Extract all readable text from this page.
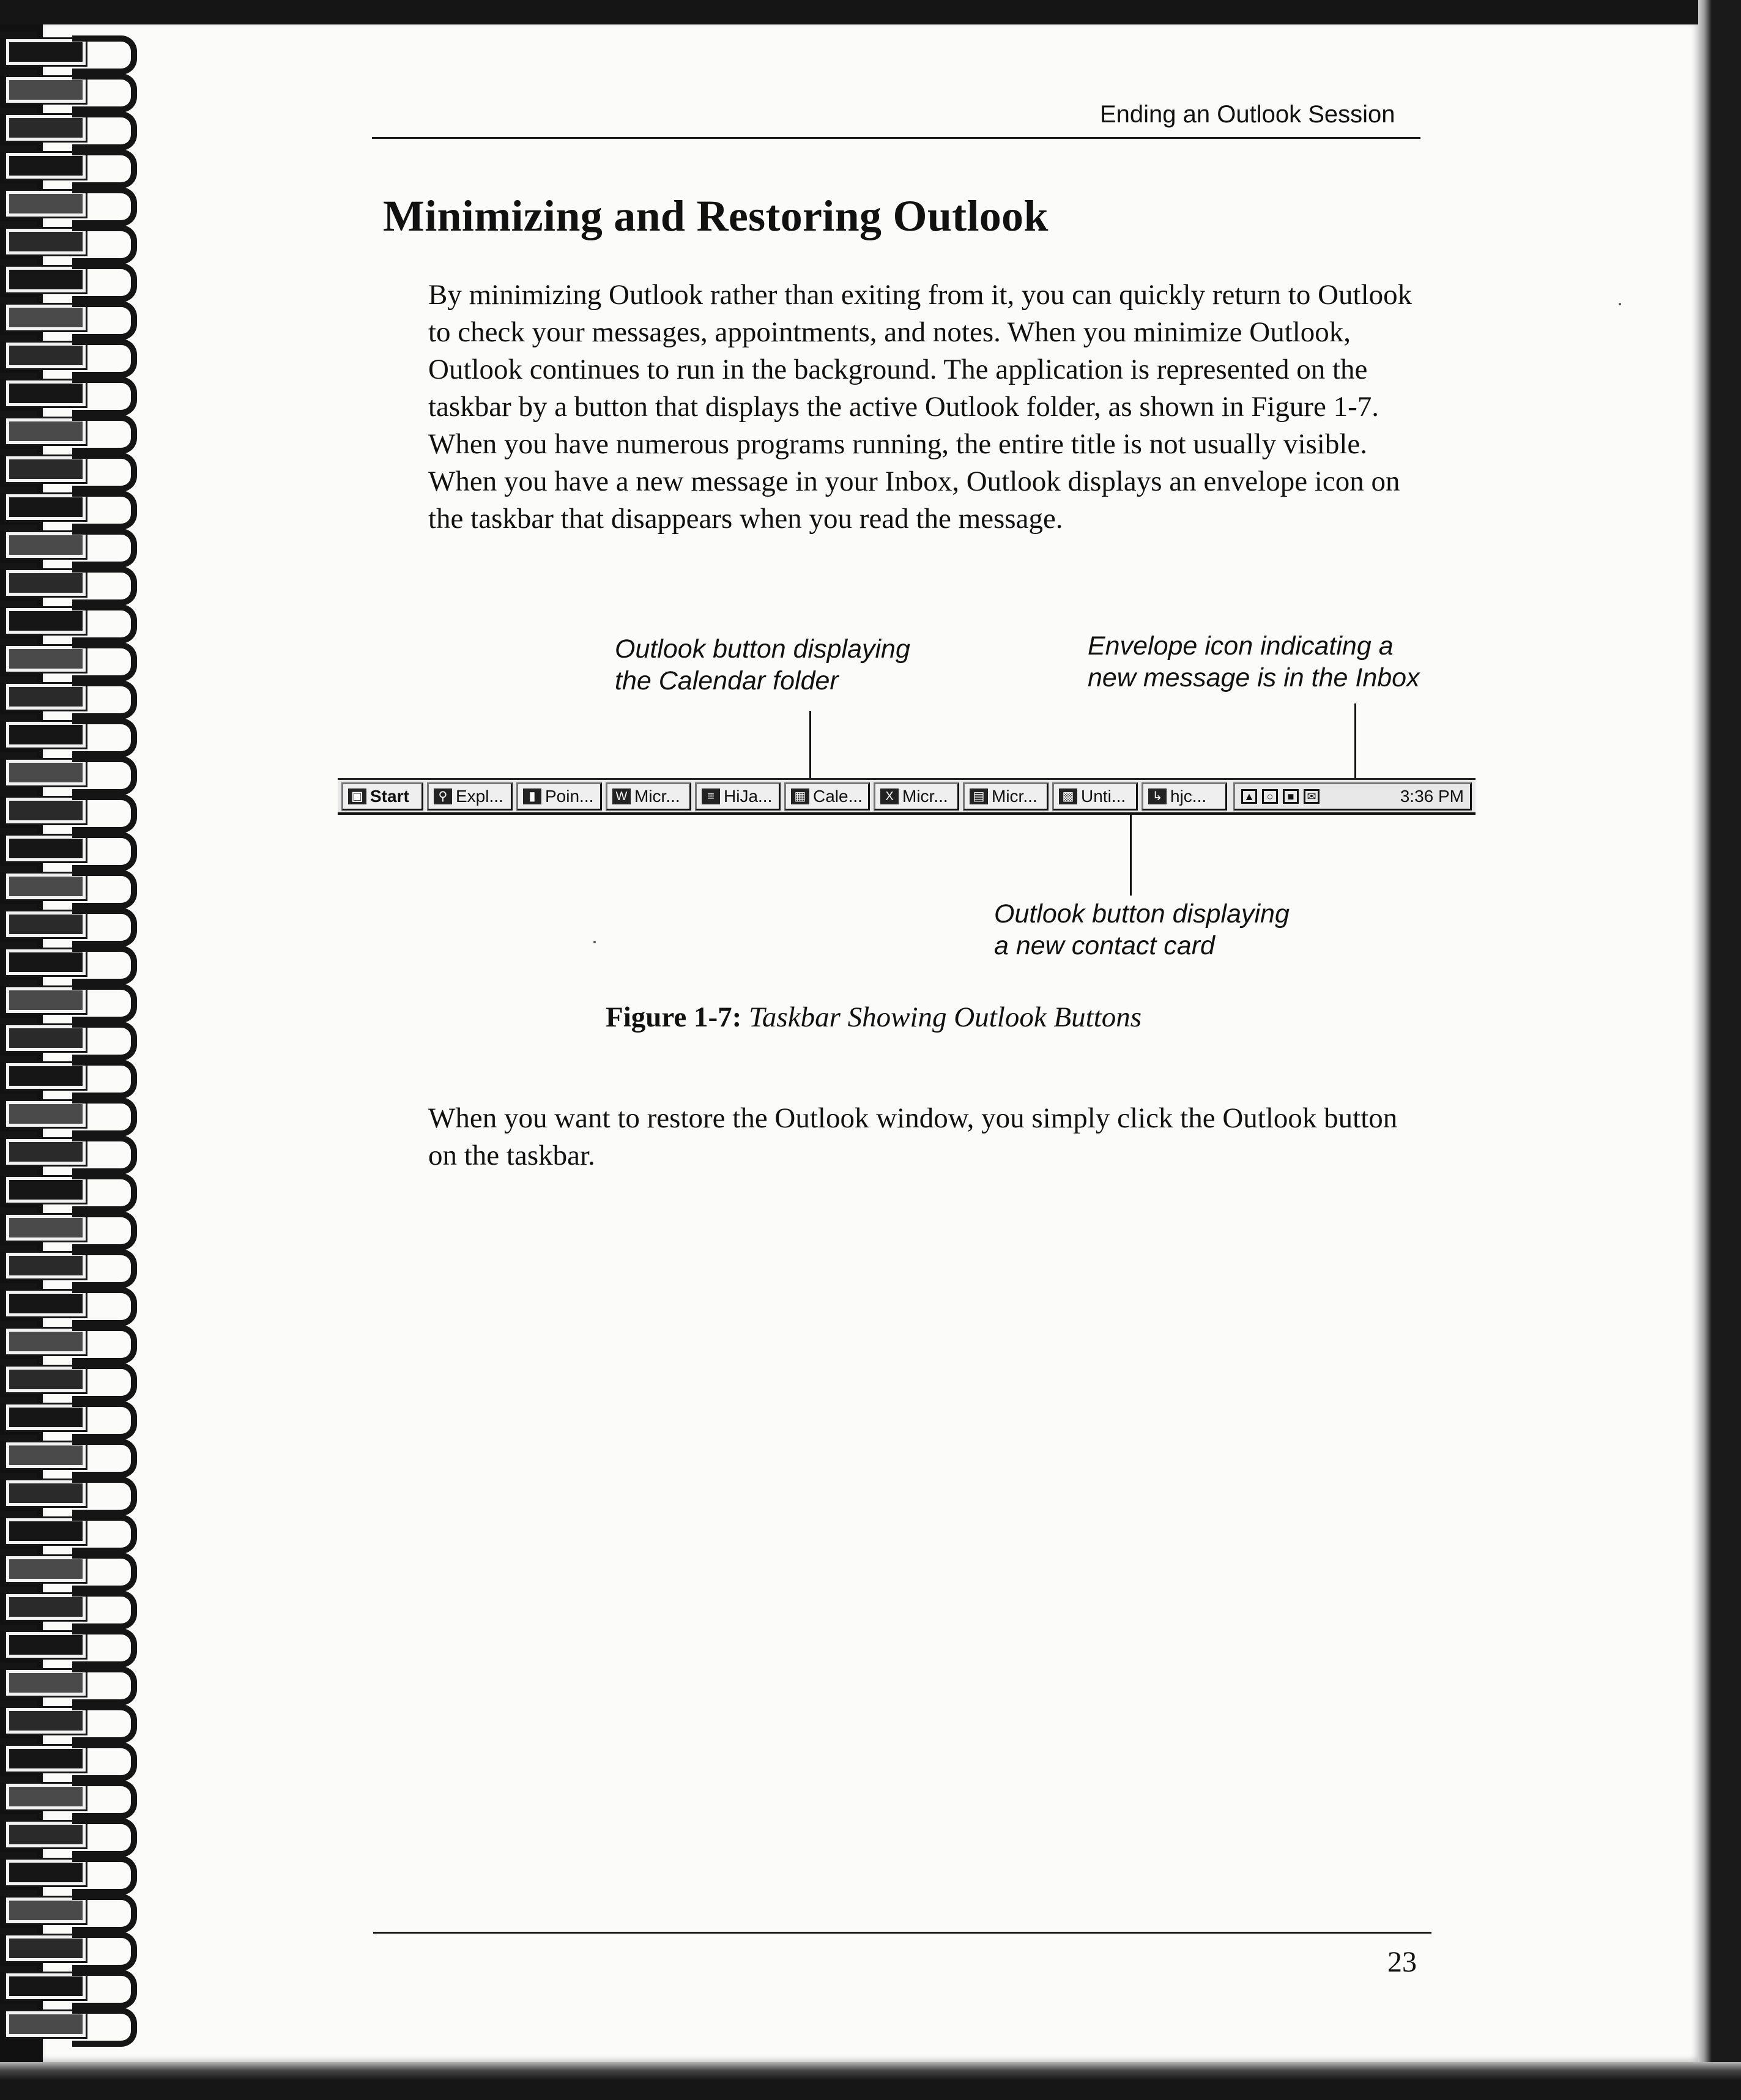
Ending an Outlook Session
Minimizing and Restoring Outlook
By minimizing Outlook rather than exiting from it, you can quickly return to Outlook to check your messages, appointments, and notes. When you minimize Outlook, Outlook continues to run in the background. The application is represented on the taskbar by a button that displays the active Outlook folder, as shown in Figure 1-7. When you have numerous programs running, the entire title is not usually visible. When you have a new message in your Inbox, Outlook displays an envelope icon on the taskbar that disappears when you read the message.
Outlook button displaying
the Calendar folder
Envelope icon indicating a
new message is in the Inbox
▣ Start	⚲ Expl...	▮ Poin... W Micr...	≡ HiJa... ▦ Cale...	X Micr... ▤ Micr... ▩ Unti...	↳ hjc...	▲	○	■	✉	3:36 PM
Outlook button displaying
a new contact card
Figure 1-7: Taskbar Showing Outlook Buttons
When you want to restore the Outlook window, you simply click the Outlook button on the taskbar.
23
